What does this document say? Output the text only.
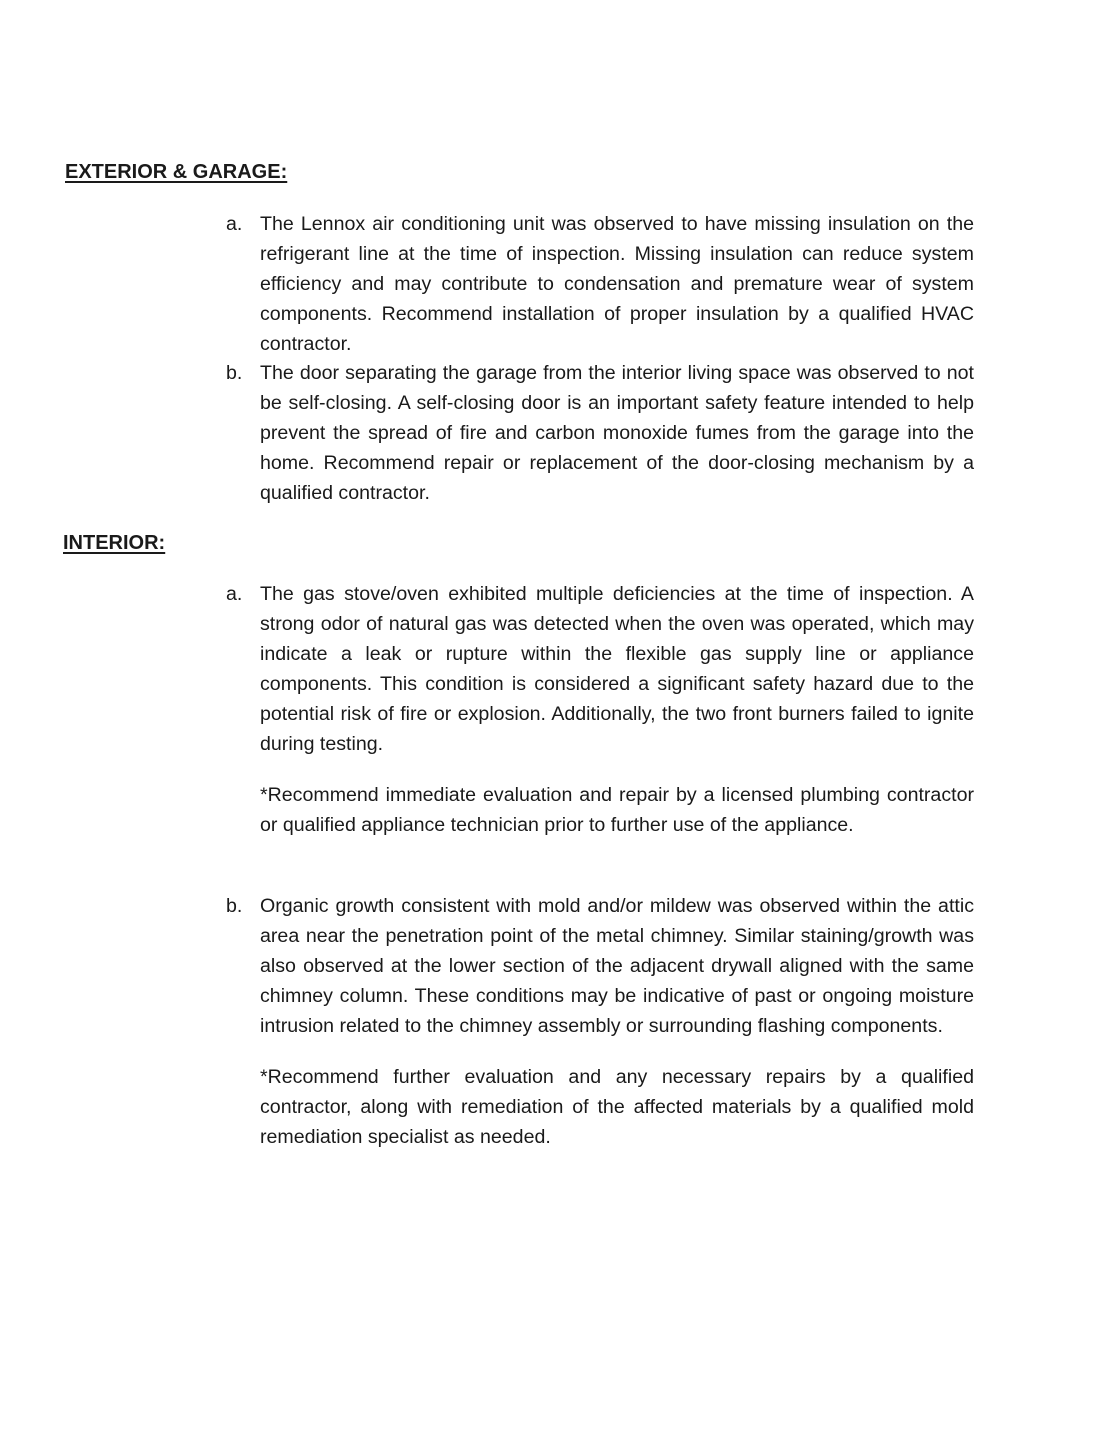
EXTERIOR & GARAGE:
a. The Lennox air conditioning unit was observed to have missing insulation on the refrigerant line at the time of inspection. Missing insulation can reduce system efficiency and may contribute to condensation and premature wear of system components. Recommend installation of proper insulation by a qualified HVAC contractor.

b. The door separating the garage from the interior living space was observed to not be self-closing. A self-closing door is an important safety feature intended to help prevent the spread of fire and carbon monoxide fumes from the garage into the home. Recommend repair or replacement of the door-closing mechanism by a qualified contractor.

INTERIOR:
a. The gas stove/oven exhibited multiple deficiencies at the time of inspection. A strong odor of natural gas was detected when the oven was operated, which may indicate a leak or rupture within the flexible gas supply line or appliance components. This condition is considered a significant safety hazard due to the potential risk of fire or explosion. Additionally, the two front burners failed to ignite during testing.

*Recommend immediate evaluation and repair by a licensed plumbing contractor or qualified appliance technician prior to further use of the appliance.

b. Organic growth consistent with mold and/or mildew was observed within the attic area near the penetration point of the metal chimney. Similar staining/growth was also observed at the lower section of the adjacent drywall aligned with the same chimney column. These conditions may be indicative of past or ongoing moisture intrusion related to the chimney assembly or surrounding flashing components.

*Recommend further evaluation and any necessary repairs by a qualified contractor, along with remediation of the affected materials by a qualified mold remediation specialist as needed.
